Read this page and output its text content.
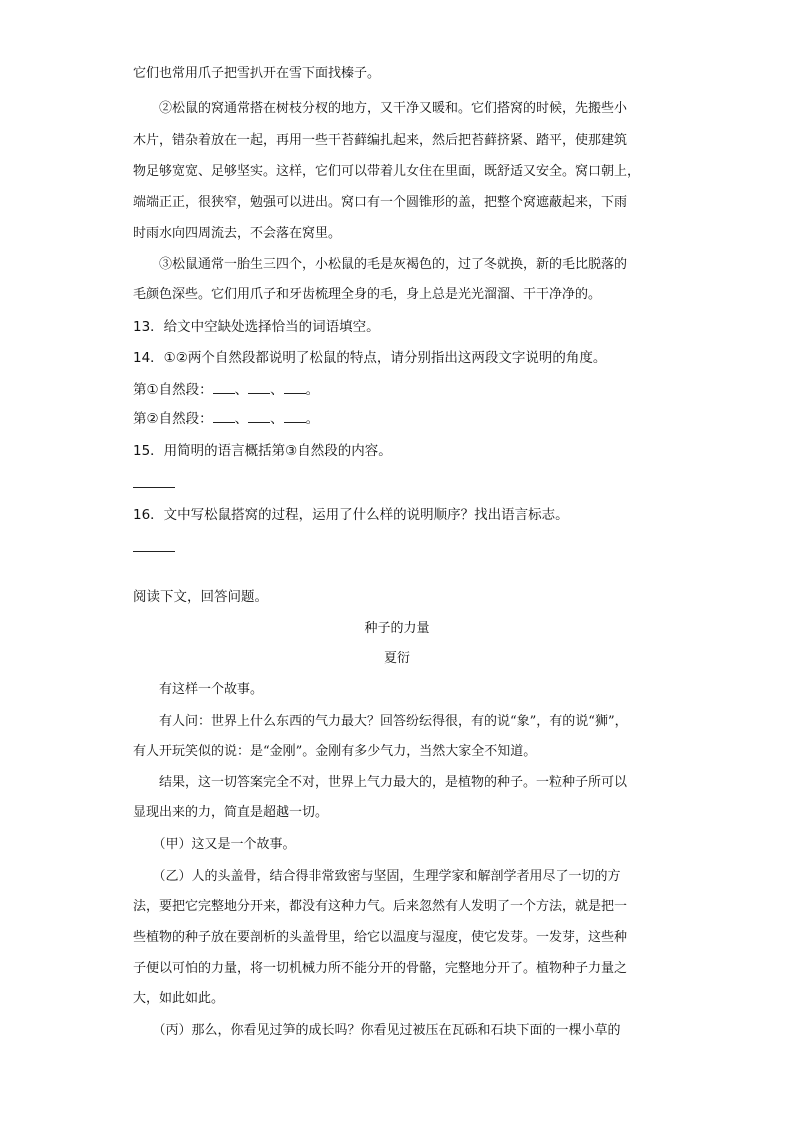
它们也常用爪子把雪扒开在雪下面找榛子。
　　②松鼠的窝通常搭在树枝分杈的地方，又干净又暖和。它们搭窝的时候，先搬些小
木片，错杂着放在一起，再用一些干苔藓编扎起来，然后把苔藓挤紧、踏平，使那建筑
物足够宽宽、足够坚实。这样，它们可以带着儿女住在里面，既舒适又安全。窝口朝上，
端端正正，很狭窄，勉强可以进出。窝口有一个圆锥形的盖，把整个窝遮蔽起来，下雨
时雨水向四周流去，不会落在窝里。
　　③松鼠通常一胎生三四个，小松鼠的毛是灰褐色的，过了冬就换，新的毛比脱落的
毛颜色深些。它们用爪子和牙齿梳理全身的毛，身上总是光光溜溜、干干净净的。
13．给文中空缺处选择恰当的词语填空。
14．①②两个自然段都说明了松鼠的特点，请分别指出这两段文字说明的角度。
第①自然段： 、 、 。
第②自然段： 、 、 。
15．用简明的语言概括第③自然段的内容。
16．文中写松鼠搭窝的过程，运用了什么样的说明顺序？找出语言标志。
阅读下文，回答问题。
种子的力量
夏衍
　　有这样一个故事。
　　有人问：世界上什么东西的气力最大？回答纷纭得很，有的说“象”，有的说“狮”，
有人开玩笑似的说：是“金刚”。金刚有多少气力，当然大家全不知道。
　　结果，这一切答案完全不对，世界上气力最大的，是植物的种子。一粒种子所可以
显现出来的力，简直是超越一切。
　　（甲）这又是一个故事。
　　（乙）人的头盖骨，结合得非常致密与坚固，生理学家和解剖学者用尽了一切的方
法，要把它完整地分开来，都没有这种力气。后来忽然有人发明了一个方法，就是把一
些植物的种子放在要剖析的头盖骨里，给它以温度与湿度，使它发芽。一发芽，这些种
子便以可怕的力量，将一切机械力所不能分开的骨骼，完整地分开了。植物种子力量之
大，如此如此。
　　（丙）那么，你看见过笋的成长吗？你看见过被压在瓦砾和石块下面的一棵小草的
